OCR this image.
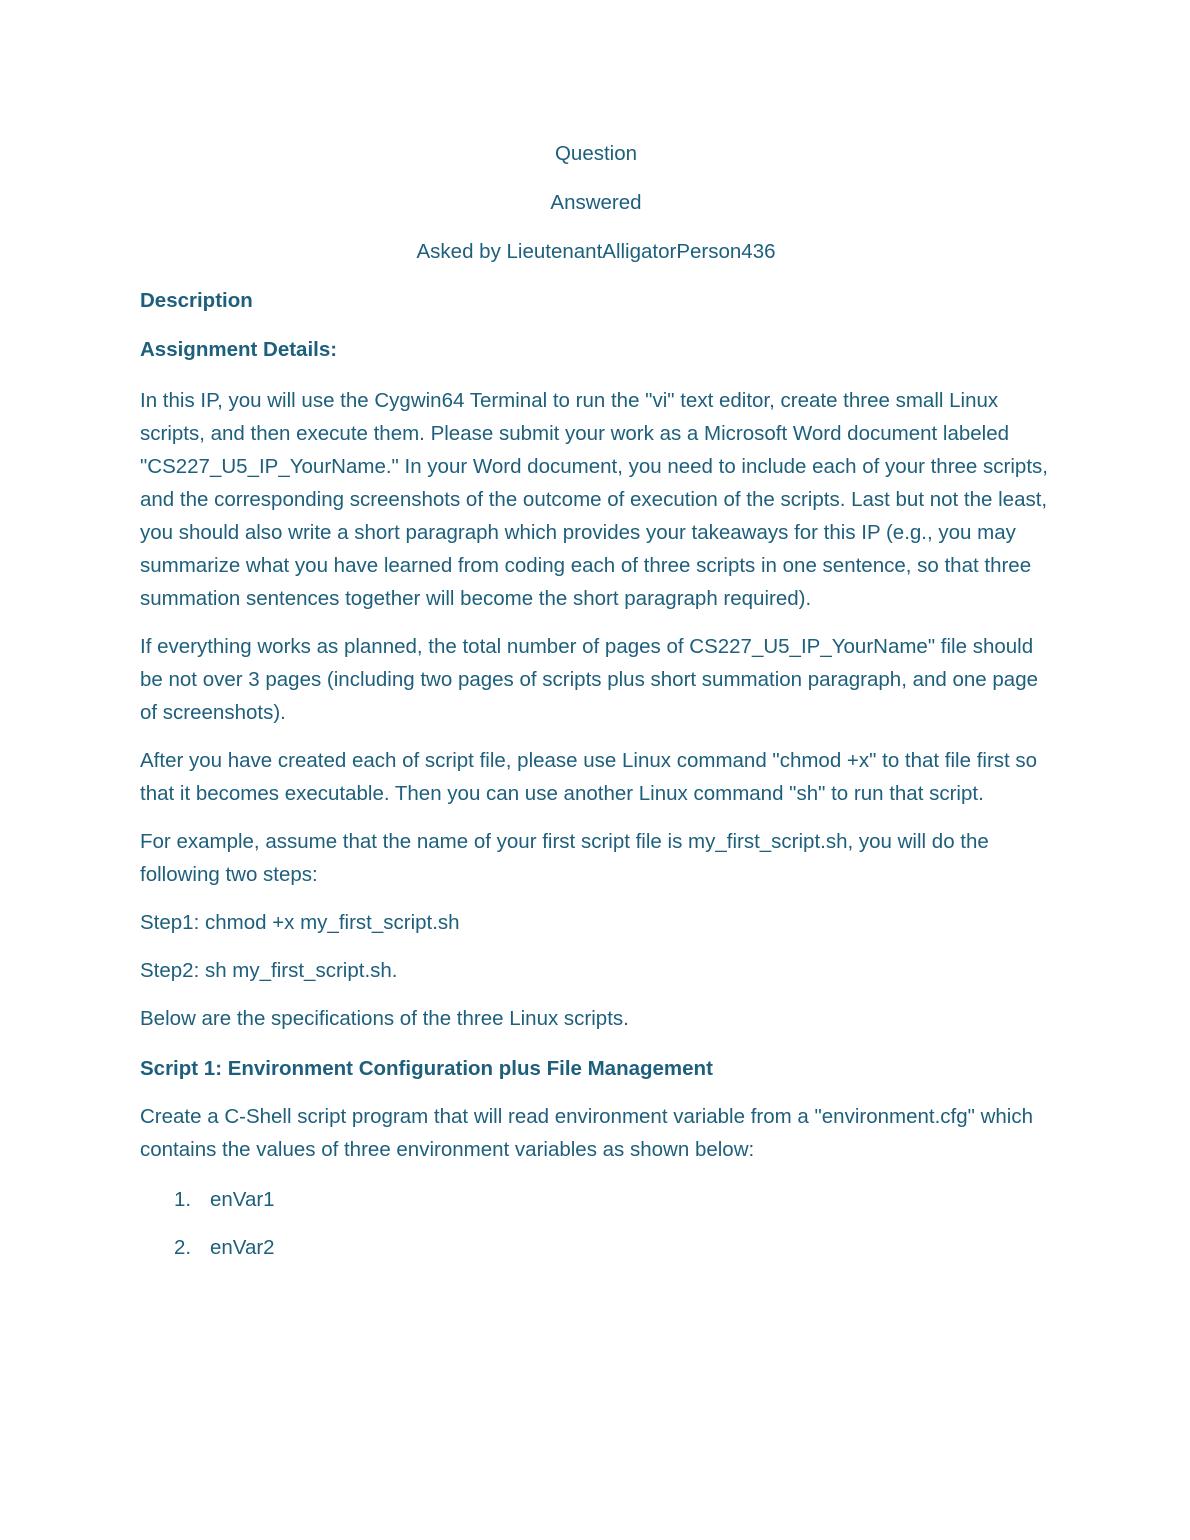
Question

Answered

Asked by LieutenantAlligatorPerson436

Description

Assignment Details:

In this IP, you will use the Cygwin64 Terminal to run the "vi" text editor, create three small Linux scripts, and then execute them. Please submit your work as a Microsoft Word document labeled "CS227_U5_IP_YourName." In your Word document, you need to include each of your three scripts, and the corresponding screenshots of the outcome of execution of the scripts. Last but not the least, you should also write a short paragraph which provides your takeaways for this IP (e.g., you may summarize what you have learned from coding each of three scripts in one sentence, so that three summation sentences together will become the short paragraph required).

If everything works as planned, the total number of pages of CS227_U5_IP_YourName" file should be not over 3 pages (including two pages of scripts plus short summation paragraph, and one page of screenshots).

After you have created each of script file, please use Linux command "chmod +x" to that file first so that it becomes executable. Then you can use another Linux command "sh" to run that script.

For example, assume that the name of your first script file is my_first_script.sh, you will do the following two steps:

Step1: chmod +x my_first_script.sh

Step2: sh my_first_script.sh.

Below are the specifications of the three Linux scripts.

Script 1: Environment Configuration plus File Management

Create a C-Shell script program that will read environment variable from a "environment.cfg" which contains the values of three environment variables as shown below:

1. enVar1
2. enVar2
